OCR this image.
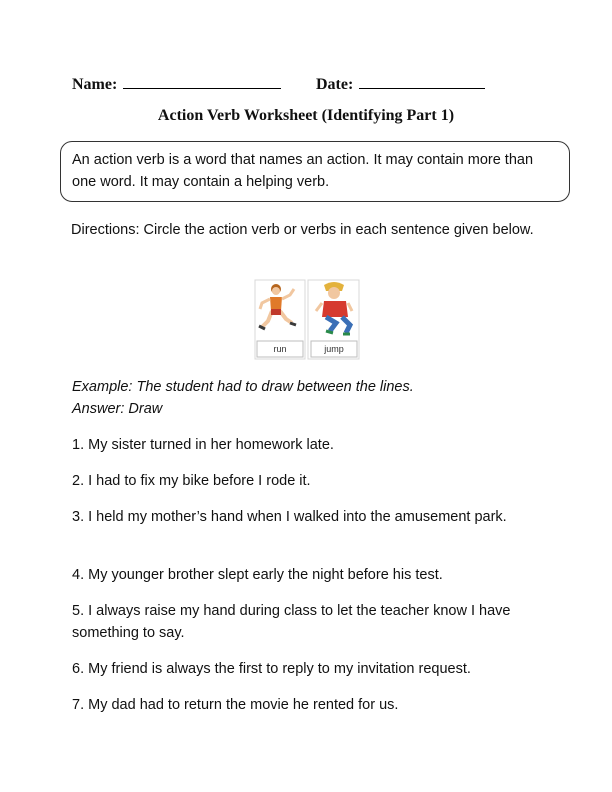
Name:	Date:
Action Verb Worksheet (Identifying Part 1)
An action verb is a word that names an action. It may contain more than one word. It may contain a helping verb.
Directions: Circle the action verb or verbs in each sentence given below.
run	jump
Example: The student had to draw between the lines.
Answer: Draw
1. My sister turned in her homework late.
2. I had to fix my bike before I rode it.
3. I held my mother’s hand when I walked into the amusement park.
4. My younger brother slept early the night before his test.
5. I always raise my hand during class to let the teacher know I have something to say.
6. My friend is always the first to reply to my invitation request.
7. My dad had to return the movie he rented for us.
